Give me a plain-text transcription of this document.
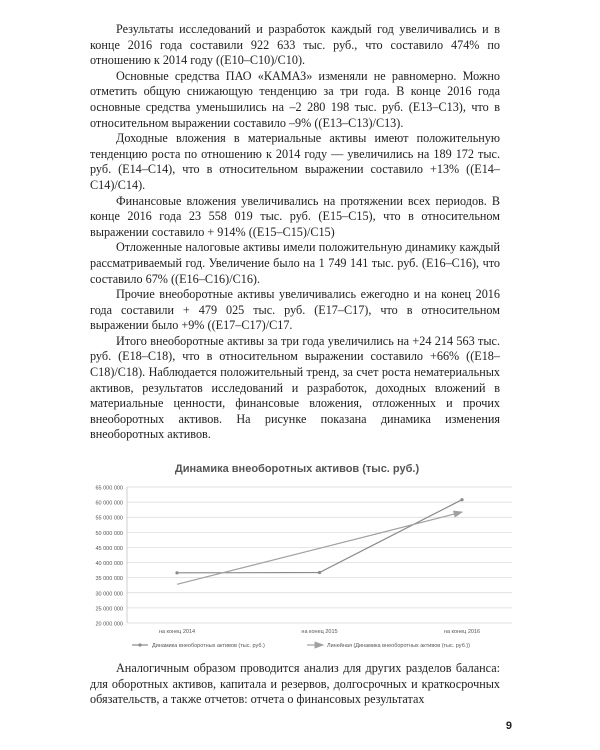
Результаты исследований и разработок каждый год увеличивались и в конце 2016 года составили 922 633 тыс. руб., что составило 474% по отношению к 2014 году ((E10–C10)/C10).

Основные средства ПАО «КАМАЗ» изменяли не равномерно. Можно отметить общую снижающую тенденцию за три года. В конце 2016 года основные средства уменьшились на –2 280 198 тыс. руб. (E13–C13), что в относительном выражении составило –9% ((E13–C13)/C13).

Доходные вложения в материальные активы имеют положительную тенденцию роста по отношению к 2014 году — увеличились на 189 172 тыс. руб. (E14–C14), что в относительном выражении составило +13% ((E14–C14)/C14).

Финансовые вложения увеличивались на протяжении всех периодов. В конце 2016 года 23 558 019 тыс. руб. (E15–C15), что в относительном выражении составило + 914% ((E15–C15)/C15)

Отложенные налоговые активы имели положительную динамику каждый рассматриваемый год. Увеличение было на 1 749 141 тыс. руб. (E16–C16), что составило 67% ((E16–C16)/C16).

Прочие внеоборотные активы увеличивались ежегодно и на конец 2016 года составили + 479 025 тыс. руб. (E17–C17), что в относительном выражении было +9% ((E17–C17)/C17.

Итого внеоборотные активы за три года увеличились на +24 214 563 тыс. руб. (E18–C18), что в относительном выражении составило +66% ((E18–C18)/C18). Наблюдается положительный тренд, за счет роста нематериальных активов, результатов исследований и разработок, доходных вложений в материальные ценности, финансовые вложения, отложенных и прочих внеоборотных активов. На рисунке показана динамика изменения внеоборотных активов.

Динамика внеоборотных активов (тыс. руб.)
65 000 000
60 000 000
55 000 000
50 000 000
45 000 000
40 000 000
35 000 000
30 000 000
25 000 000
20 000 000
на конец 2014	на конец 2015	на конец 2016
Динамика внеоборотных активов (тыс. руб.)	Линейная (Динамика внеоборотных активов (тыс. руб.))

Аналогичным образом проводится анализ для других разделов баланса: для оборотных активов, капитала и резервов, долгосрочных и краткосрочных обязательств, а также отчетов: отчета о финансовых результатах

9
